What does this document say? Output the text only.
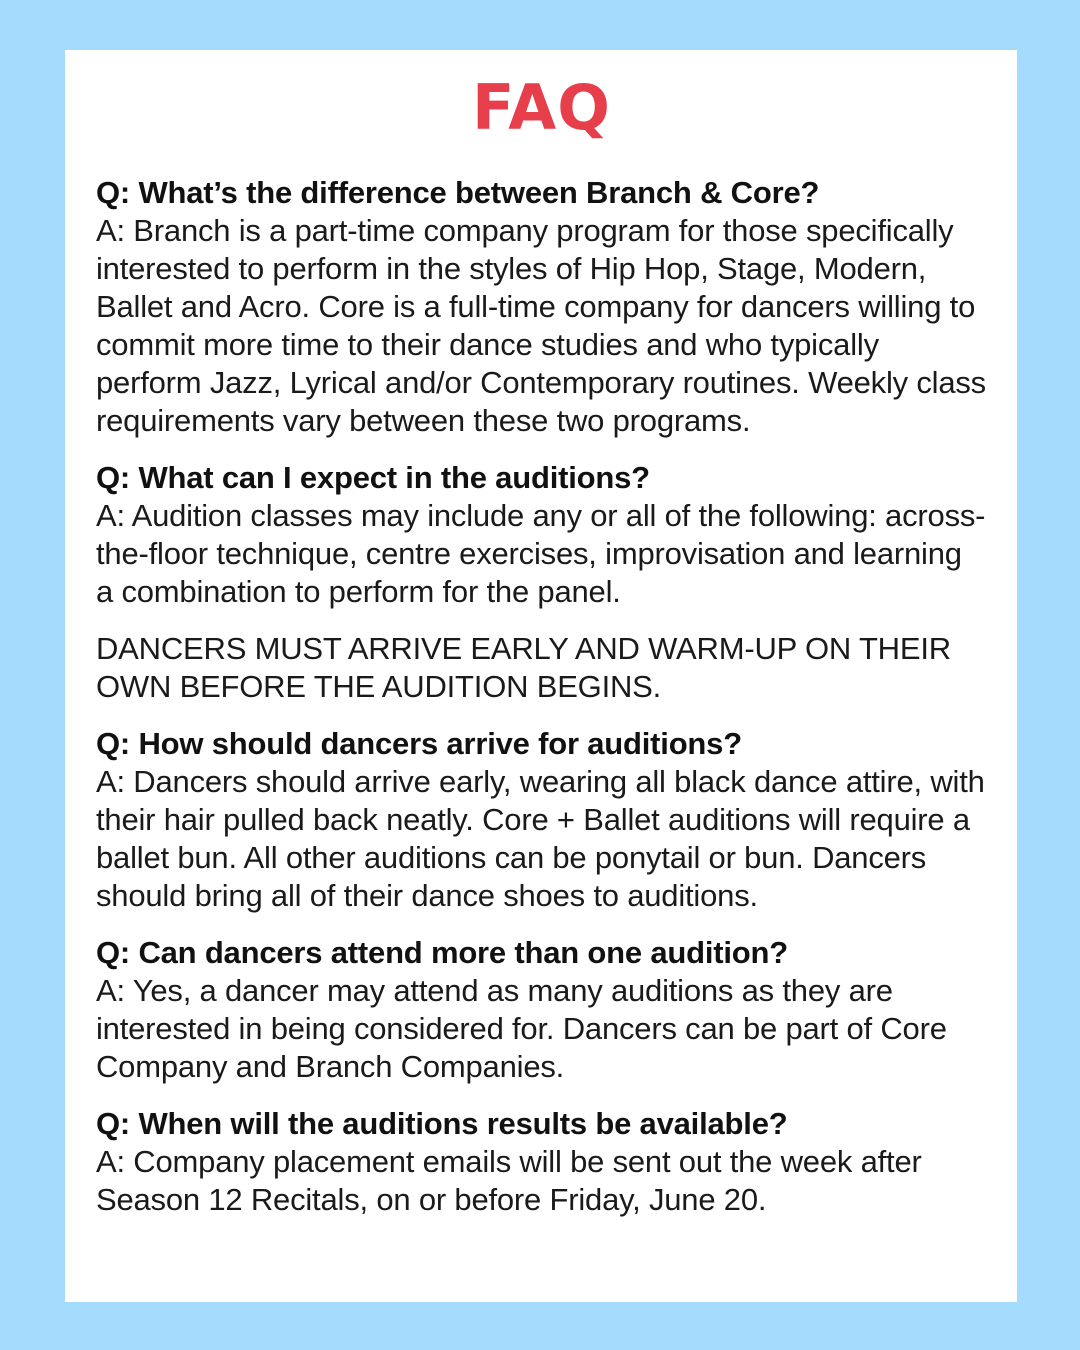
FAQ

Q: What’s the difference between Branch & Core?

A: Branch is a part-time company program for those specifically interested to perform in the styles of Hip Hop, Stage, Modern, Ballet and Acro. Core is a full-time company for dancers willing to commit more time to their dance studies and who typically perform Jazz, Lyrical and/or Contemporary routines. Weekly class requirements vary between these two programs.

Q: What can I expect in the auditions?

A: Audition classes may include any or all of the following: across-the-floor technique, centre exercises, improvisation and learning a combination to perform for the panel.

DANCERS MUST ARRIVE EARLY AND WARM-UP ON THEIR OWN BEFORE THE AUDITION BEGINS.

Q: How should dancers arrive for auditions?

A: Dancers should arrive early, wearing all black dance attire, with their hair pulled back neatly. Core + Ballet auditions will require a ballet bun. All other auditions can be ponytail or bun. Dancers should bring all of their dance shoes to auditions.

Q: Can dancers attend more than one audition?

A: Yes, a dancer may attend as many auditions as they are interested in being considered for. Dancers can be part of Core Company and Branch Companies.

Q: When will the auditions results be available?

A: Company placement emails will be sent out the week after Season 12 Recitals, on or before Friday, June 20.
